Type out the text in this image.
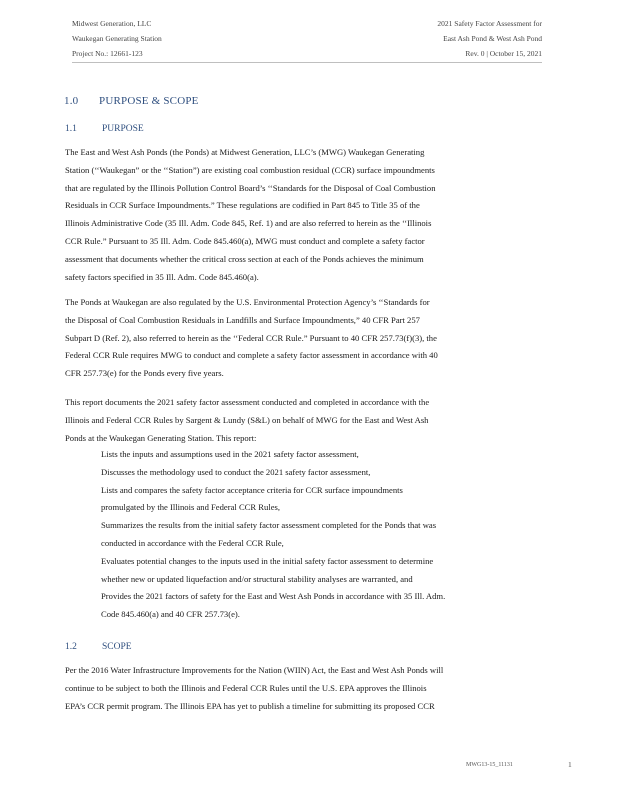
Midwest Generation, LLC
Waukegan Generating Station
Project No.: 12661-123
2021 Safety Factor Assessment for
East Ash Pond & West Ash Pond
Rev. 0 | October 15, 2021
1.0 PURPOSE & SCOPE
1.1	PURPOSE
The East and West Ash Ponds (the Ponds) at Midwest Generation, LLC’s (MWG) Waukegan Generating
Station (‘‘Waukegan” or the ‘‘Station”) are existing coal combustion residual (CCR) surface impoundments
that are regulated by the Illinois Pollution Control Board’s ‘‘Standards for the Disposal of Coal Combustion
Residuals in CCR Surface Impoundments.” These regulations are codified in Part 845 to Title 35 of the
Illinois Administrative Code (35 Ill. Adm. Code 845, Ref. 1) and are also referred to herein as the ‘‘Illinois
CCR Rule.” Pursuant to 35 Ill. Adm. Code 845.460(a), MWG must conduct and complete a safety factor
assessment that documents whether the critical cross section at each of the Ponds achieves the minimum
safety factors specified in 35 Ill. Adm. Code 845.460(a).
The Ponds at Waukegan are also regulated by the U.S. Environmental Protection Agency’s ‘‘Standards for
the Disposal of Coal Combustion Residuals in Landfills and Surface Impoundments,” 40 CFR Part 257
Subpart D (Ref. 2), also referred to herein as the ‘‘Federal CCR Rule.” Pursuant to 40 CFR 257.73(f)(3), the
Federal CCR Rule requires MWG to conduct and complete a safety factor assessment in accordance with 40
CFR 257.73(e) for the Ponds every five years.
This report documents the 2021 safety factor assessment conducted and completed in accordance with the
Illinois and Federal CCR Rules by Sargent & Lundy (S&L) on behalf of MWG for the East and West Ash
Ponds at the Waukegan Generating Station. This report:
Lists the inputs and assumptions used in the 2021 safety factor assessment,
Discusses the methodology used to conduct the 2021 safety factor assessment,
Lists and compares the safety factor acceptance criteria for CCR surface impoundments
promulgated by the Illinois and Federal CCR Rules,
Summarizes the results from the initial safety factor assessment completed for the Ponds that was
conducted in accordance with the Federal CCR Rule,
Evaluates potential changes to the inputs used in the initial safety factor assessment to determine
whether new or updated liquefaction and/or structural stability analyses are warranted, and
Provides the 2021 factors of safety for the East and West Ash Ponds in accordance with 35 Ill. Adm.
Code 845.460(a) and 40 CFR 257.73(e).
1.2	SCOPE
Per the 2016 Water Infrastructure Improvements for the Nation (WIIN) Act, the East and West Ash Ponds will
continue to be subject to both the Illinois and Federal CCR Rules until the U.S. EPA approves the Illinois
EPA’s CCR permit program. The Illinois EPA has yet to publish a timeline for submitting its proposed CCR
MWG13-15_11131	1
